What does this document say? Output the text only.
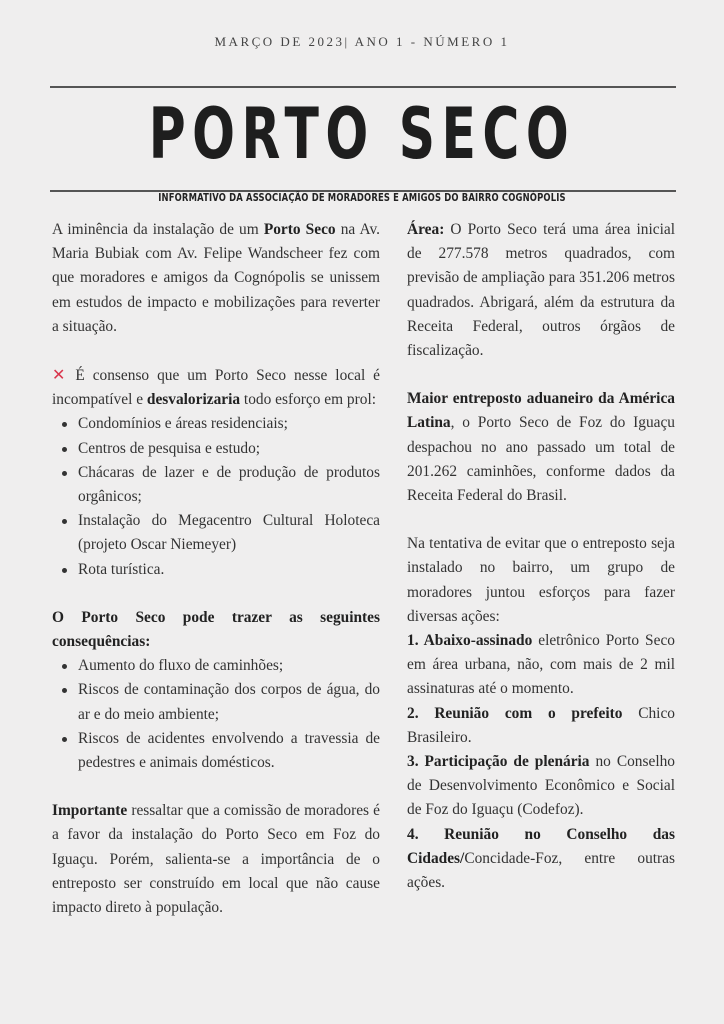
MARÇO DE 2023| ANO 1 - NÚMERO 1
PORTO SECO
INFORMATIVO DA ASSOCIAÇÃO DE MORADORES E AMIGOS DO BAIRRO COGNÓPOLIS

A iminência da instalação de um Porto Seco na Av. Maria Bubiak com Av. Felipe Wandscheer fez com que moradores e amigos da Cognópolis se unissem em estudos de impacto e mobilizações para reverter a situação.

✕ É consenso que um Porto Seco nesse local é incompatível e desvalorizaria todo esforço em prol:

Condomínios e áreas residenciais;
Centros de pesquisa e estudo;
Chácaras de lazer e de produção de produtos orgânicos;
Instalação do Megacentro Cultural Holoteca (projeto Oscar Niemeyer)
Rota turística.

O Porto Seco pode trazer as seguintes consequências:

Aumento do fluxo de caminhões;
Riscos de contaminação dos corpos de água, do ar e do meio ambiente;
Riscos de acidentes envolvendo a travessia de pedestres e animais domésticos.

Importante ressaltar que a comissão de moradores é a favor da instalação do Porto Seco em Foz do Iguaçu. Porém, salienta-se a importância de o entreposto ser construído em local que não cause impacto direto à população.

Área: O Porto Seco terá uma área inicial de 277.578 metros quadrados, com previsão de ampliação para 351.206 metros quadrados. Abrigará, além da estrutura da Receita Federal, outros órgãos de fiscalização.

Maior entreposto aduaneiro da América Latina, o Porto Seco de Foz do Iguaçu despachou no ano passado um total de 201.262 caminhões, conforme dados da Receita Federal do Brasil.

Na tentativa de evitar que o entreposto seja instalado no bairro, um grupo de moradores juntou esforços para fazer diversas ações:

1. Abaixo-assinado eletrônico Porto Seco em área urbana, não, com mais de 2 mil assinaturas até o momento.

2. Reunião com o prefeito Chico Brasileiro.

3. Participação de plenária no Conselho de Desenvolvimento Econômico e Social de Foz do Iguaçu (Codefoz).

4. Reunião no Conselho das Cidades/Concidade-Foz, entre outras ações.
